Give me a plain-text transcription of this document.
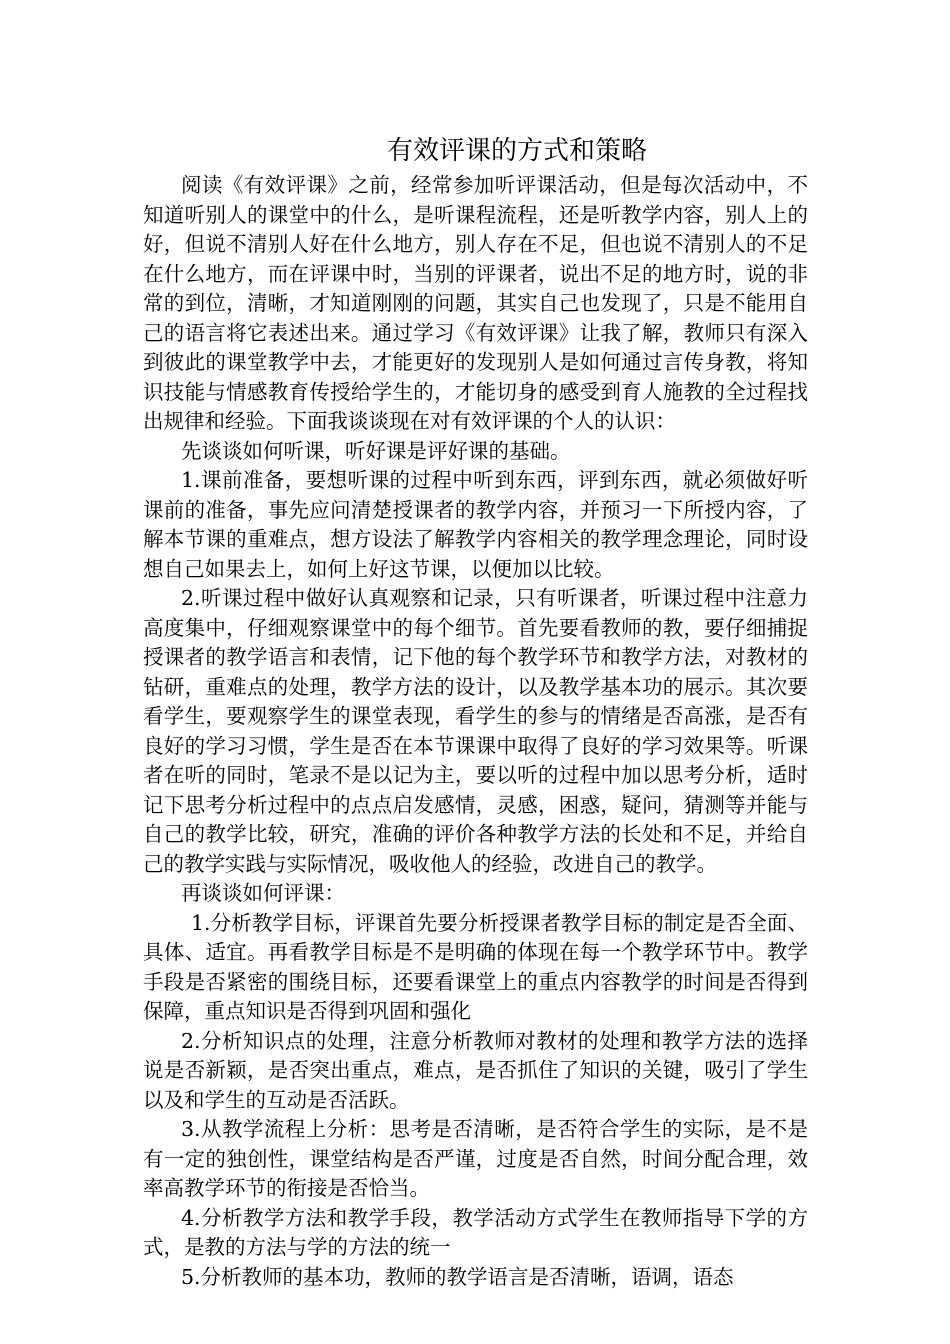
有效评课的方式和策略

阅读《有效评课》之前，经常参加听评课活动，但是每次活动中，不知道听别人的课堂中的什么，是听课程流程，还是听教学内容，别人上的好，但说不清别人好在什么地方，别人存在不足，但也说不清别人的不足在什么地方，而在评课中时，当别的评课者，说出不足的地方时，说的非常的到位，清晰，才知道刚刚的问题，其实自己也发现了，只是不能用自己的语言将它表述出来。通过学习《有效评课》让我了解，教师只有深入到彼此的课堂教学中去，才能更好的发现别人是如何通过言传身教，将知识技能与情感教育传授给学生的，才能切身的感受到育人施教的全过程找出规律和经验。下面我谈谈现在对有效评课的个人的认识：

先谈谈如何听课，听好课是评好课的基础。

1.课前准备，要想听课的过程中听到东西，评到东西，就必须做好听课前的准备，事先应问清楚授课者的教学内容，并预习一下所授内容，了解本节课的重难点，想方设法了解教学内容相关的教学理念理论，同时设想自己如果去上，如何上好这节课，以便加以比较。

2.听课过程中做好认真观察和记录，只有听课者，听课过程中注意力高度集中，仔细观察课堂中的每个细节。首先要看教师的教，要仔细捕捉授课者的教学语言和表情，记下他的每个教学环节和教学方法，对教材的钻研，重难点的处理，教学方法的设计，以及教学基本功的展示。其次要看学生，要观察学生的课堂表现，看学生的参与的情绪是否高涨，是否有良好的学习习惯，学生是否在本节课课中取得了良好的学习效果等。听课者在听的同时，笔录不是以记为主，要以听的过程中加以思考分析，适时记下思考分析过程中的点点启发感情，灵感，困惑，疑问，猜测等并能与自己的教学比较，研究，准确的评价各种教学方法的长处和不足，并给自己的教学实践与实际情况，吸收他人的经验，改进自己的教学。

再谈谈如何评课：

1.分析教学目标，评课首先要分析授课者教学目标的制定是否全面、具体、适宜。再看教学目标是不是明确的体现在每一个教学环节中。教学手段是否紧密的围绕目标，还要看课堂上的重点内容教学的时间是否得到保障，重点知识是否得到巩固和强化

2.分析知识点的处理，注意分析教师对教材的处理和教学方法的选择说是否新颖，是否突出重点，难点，是否抓住了知识的关键，吸引了学生以及和学生的互动是否活跃。

3.从教学流程上分析：思考是否清晰，是否符合学生的实际，是不是有一定的独创性，课堂结构是否严谨，过度是否自然，时间分配合理，效率高教学环节的衔接是否恰当。

4.分析教学方法和教学手段，教学活动方式学生在教师指导下学的方式，是教的方法与学的方法的统一

5.分析教师的基本功，教师的教学语言是否清晰，语调，语态
